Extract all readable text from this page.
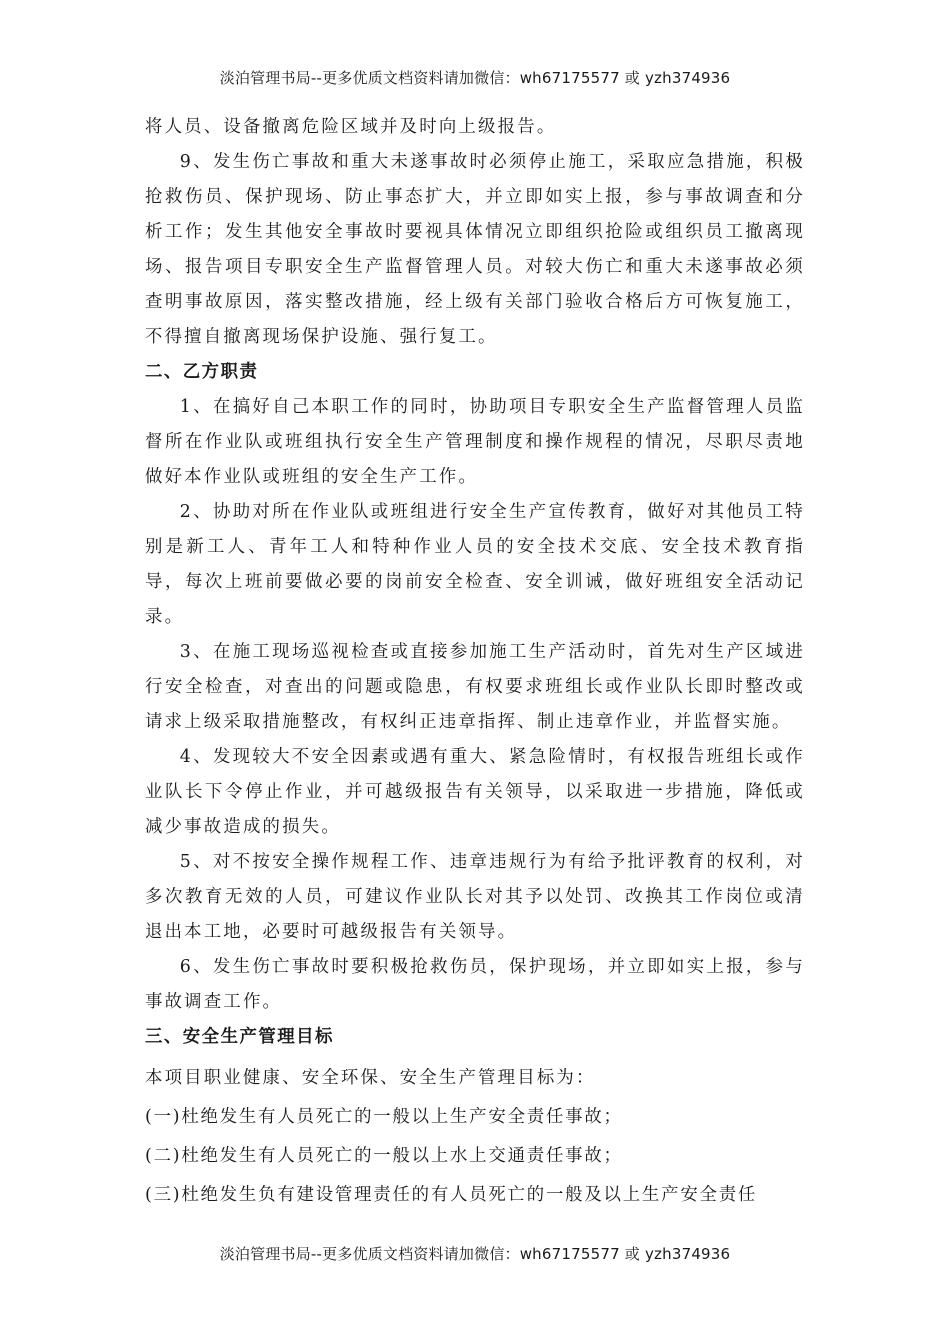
淡泊管理书局--更多优质文档资料请加微信：wh67175577 或 yzh374936

将人员、设备撤离危险区域并及时向上级报告。

9、发生伤亡事故和重大未遂事故时必须停止施工，采取应急措施，积极抢救伤员、保护现场、防止事态扩大，并立即如实上报，参与事故调查和分析工作；发生其他安全事故时要视具体情况立即组织抢险或组织员工撤离现场、报告项目专职安全生产监督管理人员。对较大伤亡和重大未遂事故必须查明事故原因，落实整改措施，经上级有关部门验收合格后方可恢复施工，不得擅自撤离现场保护设施、强行复工。

二、乙方职责

1、在搞好自己本职工作的同时，协助项目专职安全生产监督管理人员监督所在作业队或班组执行安全生产管理制度和操作规程的情况，尽职尽责地做好本作业队或班组的安全生产工作。

2、协助对所在作业队或班组进行安全生产宣传教育，做好对其他员工特别是新工人、青年工人和特种作业人员的安全技术交底、安全技术教育指导，每次上班前要做必要的岗前安全检查、安全训诫，做好班组安全活动记录。

3、在施工现场巡视检查或直接参加施工生产活动时，首先对生产区域进行安全检查，对查出的问题或隐患，有权要求班组长或作业队长即时整改或请求上级采取措施整改，有权纠正违章指挥、制止违章作业，并监督实施。

4、发现较大不安全因素或遇有重大、紧急险情时，有权报告班组长或作业队长下令停止作业，并可越级报告有关领导，以采取进一步措施，降低或减少事故造成的损失。

5、对不按安全操作规程工作、违章违规行为有给予批评教育的权利，对多次教育无效的人员，可建议作业队长对其予以处罚、改换其工作岗位或清退出本工地，必要时可越级报告有关领导。

6、发生伤亡事故时要积极抢救伤员，保护现场，并立即如实上报，参与事故调查工作。

三、安全生产管理目标

本项目职业健康、安全环保、安全生产管理目标为：

(一)杜绝发生有人员死亡的一般以上生产安全责任事故；

(二)杜绝发生有人员死亡的一般以上水上交通责任事故；

(三)杜绝发生负有建设管理责任的有人员死亡的一般及以上生产安全责任

淡泊管理书局--更多优质文档资料请加微信：wh67175577 或 yzh374936
